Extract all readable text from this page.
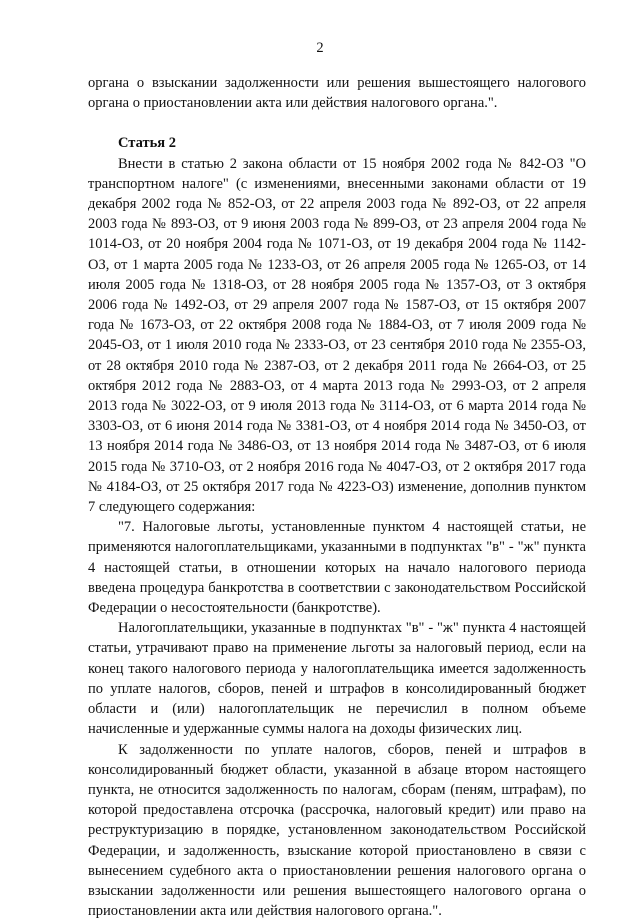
2

органа о взыскании задолженности или решения вышестоящего налогового органа о приостановлении акта или действия налогового органа.".

Статья 2

Внести в статью 2 закона области от 15 ноября 2002 года № 842-ОЗ "О транспортном налоге" (с изменениями, внесенными законами области от 19 декабря 2002 года № 852-ОЗ, от 22 апреля 2003 года № 892-ОЗ, от 22 апреля 2003 года № 893-ОЗ, от 9 июня 2003 года № 899-ОЗ, от 23 апреля 2004 года № 1014-ОЗ, от 20 ноября 2004 года № 1071-ОЗ, от 19 декабря 2004 года № 1142-ОЗ, от 1 марта 2005 года № 1233-ОЗ, от 26 апреля 2005 года № 1265-ОЗ, от 14 июля 2005 года № 1318-ОЗ, от 28 ноября 2005 года № 1357-ОЗ, от 3 октября 2006 года № 1492-ОЗ, от 29 апреля 2007 года № 1587-ОЗ, от 15 октября 2007 года № 1673-ОЗ, от 22 октября 2008 года № 1884-ОЗ, от 7 июля 2009 года № 2045-ОЗ, от 1 июля 2010 года № 2333-ОЗ, от 23 сентября 2010 года № 2355-ОЗ, от 28 октября 2010 года № 2387-ОЗ, от 2 декабря 2011 года № 2664-ОЗ, от 25 октября 2012 года № 2883-ОЗ, от 4 марта 2013 года № 2993-ОЗ, от 2 апреля 2013 года № 3022-ОЗ, от 9 июля 2013 года № 3114-ОЗ, от 6 марта 2014 года № 3303-ОЗ, от 6 июня 2014 года № 3381-ОЗ, от 4 ноября 2014 года № 3450-ОЗ, от 13 ноября 2014 года № 3486-ОЗ, от 13 ноября 2014 года № 3487-ОЗ, от 6 июля 2015 года № 3710-ОЗ, от 2 ноября 2016 года № 4047-ОЗ, от 2 октября 2017 года № 4184-ОЗ, от 25 октября 2017 года № 4223-ОЗ) изменение, дополнив пунктом 7 следующего содержания:

"7. Налоговые льготы, установленные пунктом 4 настоящей статьи, не применяются налогоплательщиками, указанными в подпунктах "в" - "ж" пункта 4 настоящей статьи, в отношении которых на начало налогового периода введена процедура банкротства в соответствии с законодательством Российской Федерации о несостоятельности (банкротстве).

Налогоплательщики, указанные в подпунктах "в" - "ж" пункта 4 настоящей статьи, утрачивают право на применение льготы за налоговый период, если на конец такого налогового периода у налогоплательщика имеется задолженность по уплате налогов, сборов, пеней и штрафов в консолидированный бюджет области и (или) налогоплательщик не перечислил в полном объеме начисленные и удержанные суммы налога на доходы физических лиц.

К задолженности по уплате налогов, сборов, пеней и штрафов в консолидированный бюджет области, указанной в абзаце втором настоящего пункта, не относится задолженность по налогам, сборам (пеням, штрафам), по которой предоставлена отсрочка (рассрочка, налоговый кредит) или право на реструктуризацию в порядке, установленном законодательством Российской Федерации, и задолженность, взыскание которой приостановлено в связи с вынесением судебного акта о приостановлении решения налогового органа о взыскании задолженности или решения вышестоящего налогового органа о приостановлении акта или действия налогового органа.".
